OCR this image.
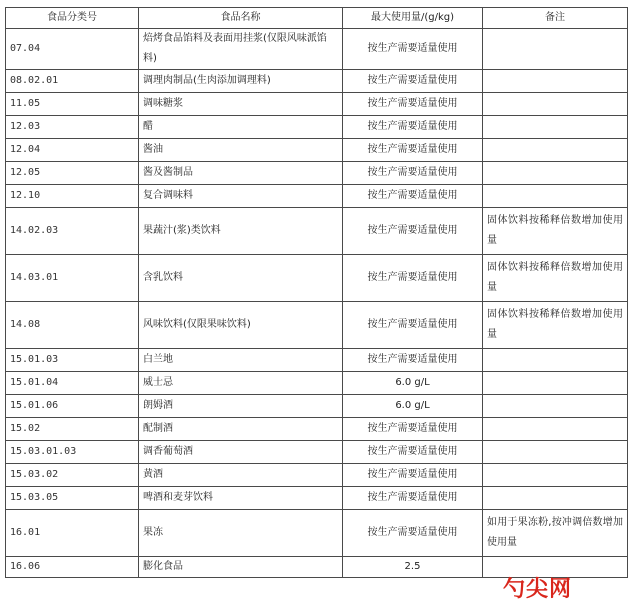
食品分类号	食品名称	最大使用量/(g/kg)	备注
07.04	焙烤食品馅料及表面用挂浆(仅限风味派馅料)	按生产需要适量使用	
08.02.01	调理肉制品(生肉添加调理料)	按生产需要适量使用	
11.05	调味糖浆	按生产需要适量使用	
12.03	醋	按生产需要适量使用	
12.04	酱油	按生产需要适量使用	
12.05	酱及酱制品	按生产需要适量使用	
12.10	复合调味料	按生产需要适量使用	
14.02.03	果蔬汁(浆)类饮料	按生产需要适量使用	固体饮料按稀释倍数增加使用量
14.03.01	含乳饮料	按生产需要适量使用	固体饮料按稀释倍数增加使用量
14.08	风味饮料(仅限果味饮料)	按生产需要适量使用	固体饮料按稀释倍数增加使用量
15.01.03	白兰地	按生产需要适量使用	
15.01.04	威士忌	6.0 g/L	
15.01.06	朗姆酒	6.0 g/L	
15.02	配制酒	按生产需要适量使用	
15.03.01.03	调香葡萄酒	按生产需要适量使用	
15.03.02	黄酒	按生产需要适量使用	
15.03.05	啤酒和麦芽饮料	按生产需要适量使用	
16.01	果冻	按生产需要适量使用	如用于果冻粉,按冲调倍数增加使用量
16.06	膨化食品	2.5	
勺尖网
